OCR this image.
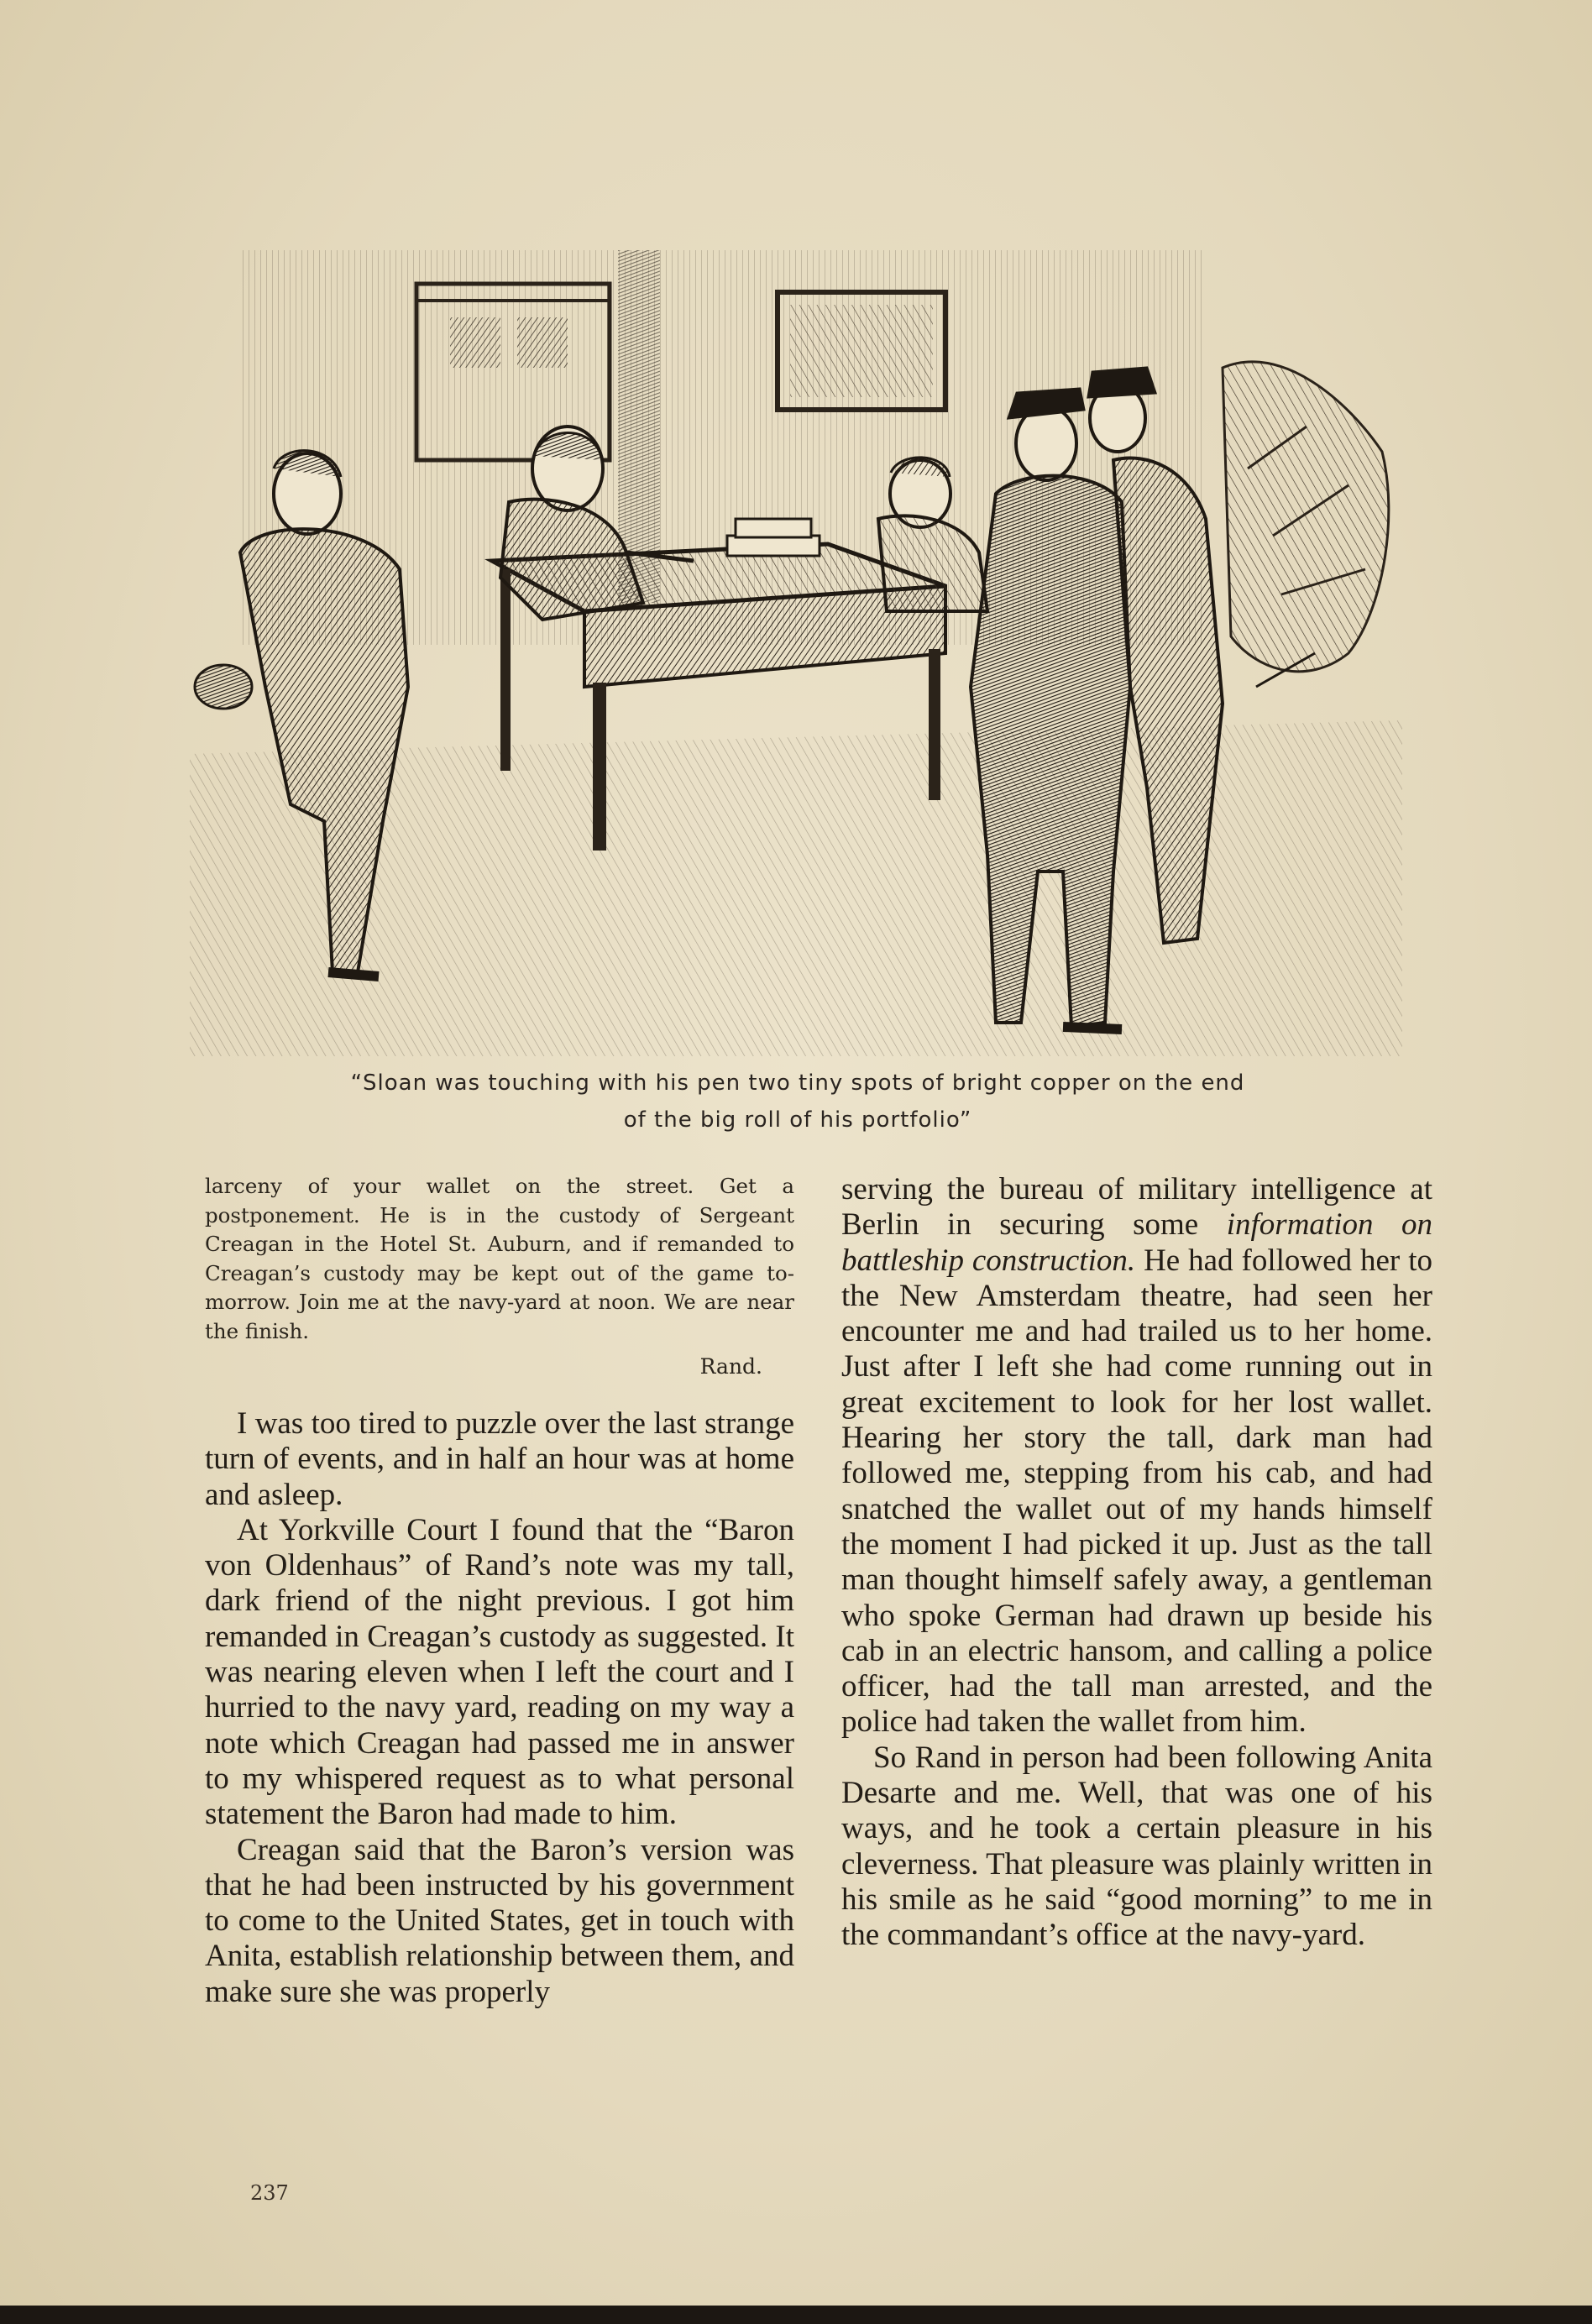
“Sloan was touching with his pen two tiny spots of bright copper on the end
of the big roll of his portfolio”

larceny of your wallet on the street. Get a postponement. He is in the custody of Sergeant Creagan in the Hotel St. Auburn, and if remanded to Creagan’s custody may be kept out of the game to-morrow. Join me at the navy-yard at noon. We are near the finish.

Rand.

I was too tired to puzzle over the last strange turn of events, and in half an hour was at home and asleep.

At Yorkville Court I found that the “Baron von Oldenhaus” of Rand’s note was my tall, dark friend of the night previous. I got him remanded in Creagan’s custody as suggested. It was nearing eleven when I left the court and I hurried to the navy yard, reading on my way a note which Creagan had passed me in answer to my whispered request as to what personal statement the Baron had made to him.

Creagan said that the Baron’s version was that he had been instructed by his government to come to the United States, get in touch with Anita, establish relationship between them, and make sure she was properly

serving the bureau of military intelligence at Berlin in securing some information on battleship construction. He had followed her to the New Amsterdam theatre, had seen her encounter me and had trailed us to her home. Just after I left she had come running out in great excitement to look for her lost wallet. Hearing her story the tall, dark man had followed me, stepping from his cab, and had snatched the wallet out of my hands himself the moment I had picked it up. Just as the tall man thought himself safely away, a gentleman who spoke German had drawn up beside his cab in an electric hansom, and calling a police officer, had the tall man arrested, and the police had taken the wallet from him.

So Rand in person had been following Anita Desarte and me. Well, that was one of his ways, and he took a certain pleasure in his cleverness. That pleasure was plainly written in his smile as he said “good morning” to me in the commandant’s office at the navy-yard.

237
